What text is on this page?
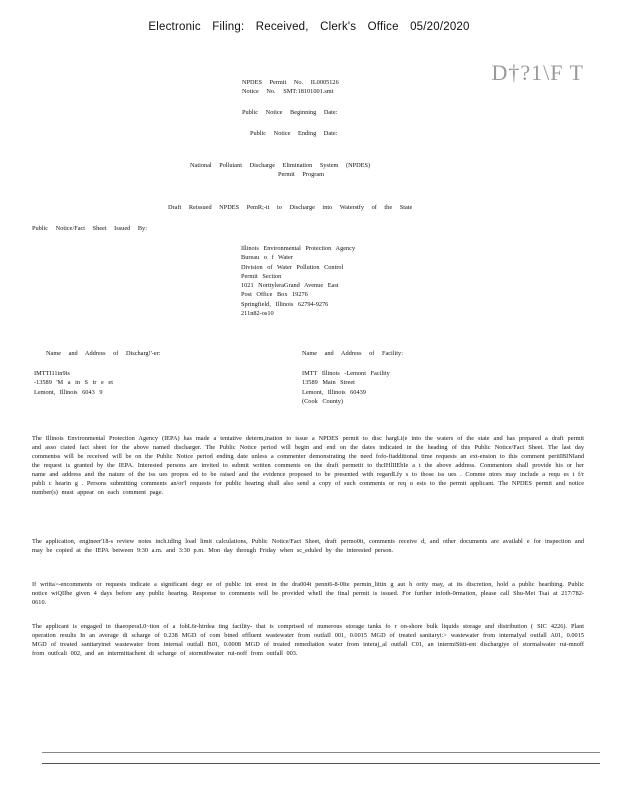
Electronic Filing: Received, Clerk's Office 05/20/2020
D†?1\F T
NPDES Permit No. IL0005126
Notice No. SMT:18101001.smt
Public Notice Beginning Date:
Public Notice Ending Date:
National Pollutant Discharge Elimination System (NPDES)
Permit Program
Draft Reissued NPDES PemR;-it to Discharge into Waterstfy of the State
Public Notice/Fact Sheet Issued By:
Illinois Environmental Protection Agency
Bureau o f Water
Division of Water Pollution Control
Permit Section
1021 NorttyleraGrand Avenue East
Post Office Box 19276
Springfield, Illinois 62794-9276
211n82-os10
Name and Address of Discharg!'-er:
IMTTI11in9is
-13589 'M a in S tr e et
Lemont, Illinois 6043 9
Name and Address of Facility:
IMTT Illinois -Lemont Facility
13589 Main Street
Lemont, Illinois 60439
(Cook County)
The Illinois Environmental Protection Agency (IEPA) has made a tentative determ,ination to issue a NPDES permit to disc hargLi(e into the waters of the state and has prepared a draft permit and asso ciated fact sheet for the above named discharger. The Public Notice period will begin and end on the dates indicated in the heading of this Public Notice/Fact Sheet. The last day commentss will be received will be on the Public Notice period ending date unless a commenter demonstrating the need fofo-fiadditional time requests an ext-ension to this comment periiIBINIand the request is granted by the IEPA. Interested persons are invited to submit written comments on the draft permetit to thcIHlIIEbIe a t the above address. Commentors shall provide his or her name and address and the nature of the iss ues propos ed to be raised and the evidence proposed to be presented with regardLfy s to those iss ues . Comme ntors may include a requ es t f/r publi c hearin g . Persons submitting comments an/or'l requests for public hearing shall also send a copy of such comments or req u ests to the permit applicant. The NPDES permit and notice number(s) must appear on each comment page.
The application, engineer'18-s review notes inch.tdIng load limit calculations, Public Notice/Fact Sheet, draft permo0it, comments receive d, and other documents are availabl e for inspection and may be copied at the IEPA between 9:30 a.m. and 3:30 p.m. Mon day through Friday when sc_eduled by the interested person.
If writta>-encomments or requests indicate a significant degr ee of public int erest in the dra004t penni6-8-0Ite permin_littin g aut h ority may, at its discretion, hold a public hearihing. Public notice wiQIIbe given 4 days before any public hearing. Response to comments will be provided wheIl the final permit is issued. For further infoth-0rmation, please call Shu-Mei Tsai at 217/782-0610.
The applicant is engaged in thaeoperaL0~tion of a fohL6r-hirdea ting facility- that is comprised of numerous storage tanks fo r on-shore bulk liquids storage and distribution ( SIC 4226). Plant operation results In an average di scharge of 0.238 MGD of com bined effluent wastewater from outfaIl 001, 0.0015 MGD of treated sanitaryi:> wastewater from internaIyal outfall A01, 0.0015 MGD of treated sanitaryinet wastewater from internal outfall B01, 0.0008 MGD of treated remediation water from interaj_al outfall C01, an intermiStitt-ent dischargiye of stormalwater rui-mnoff from outfcali 002, and an intermittachent di scharge of stormitbwater rui-noff from outfall 003.
